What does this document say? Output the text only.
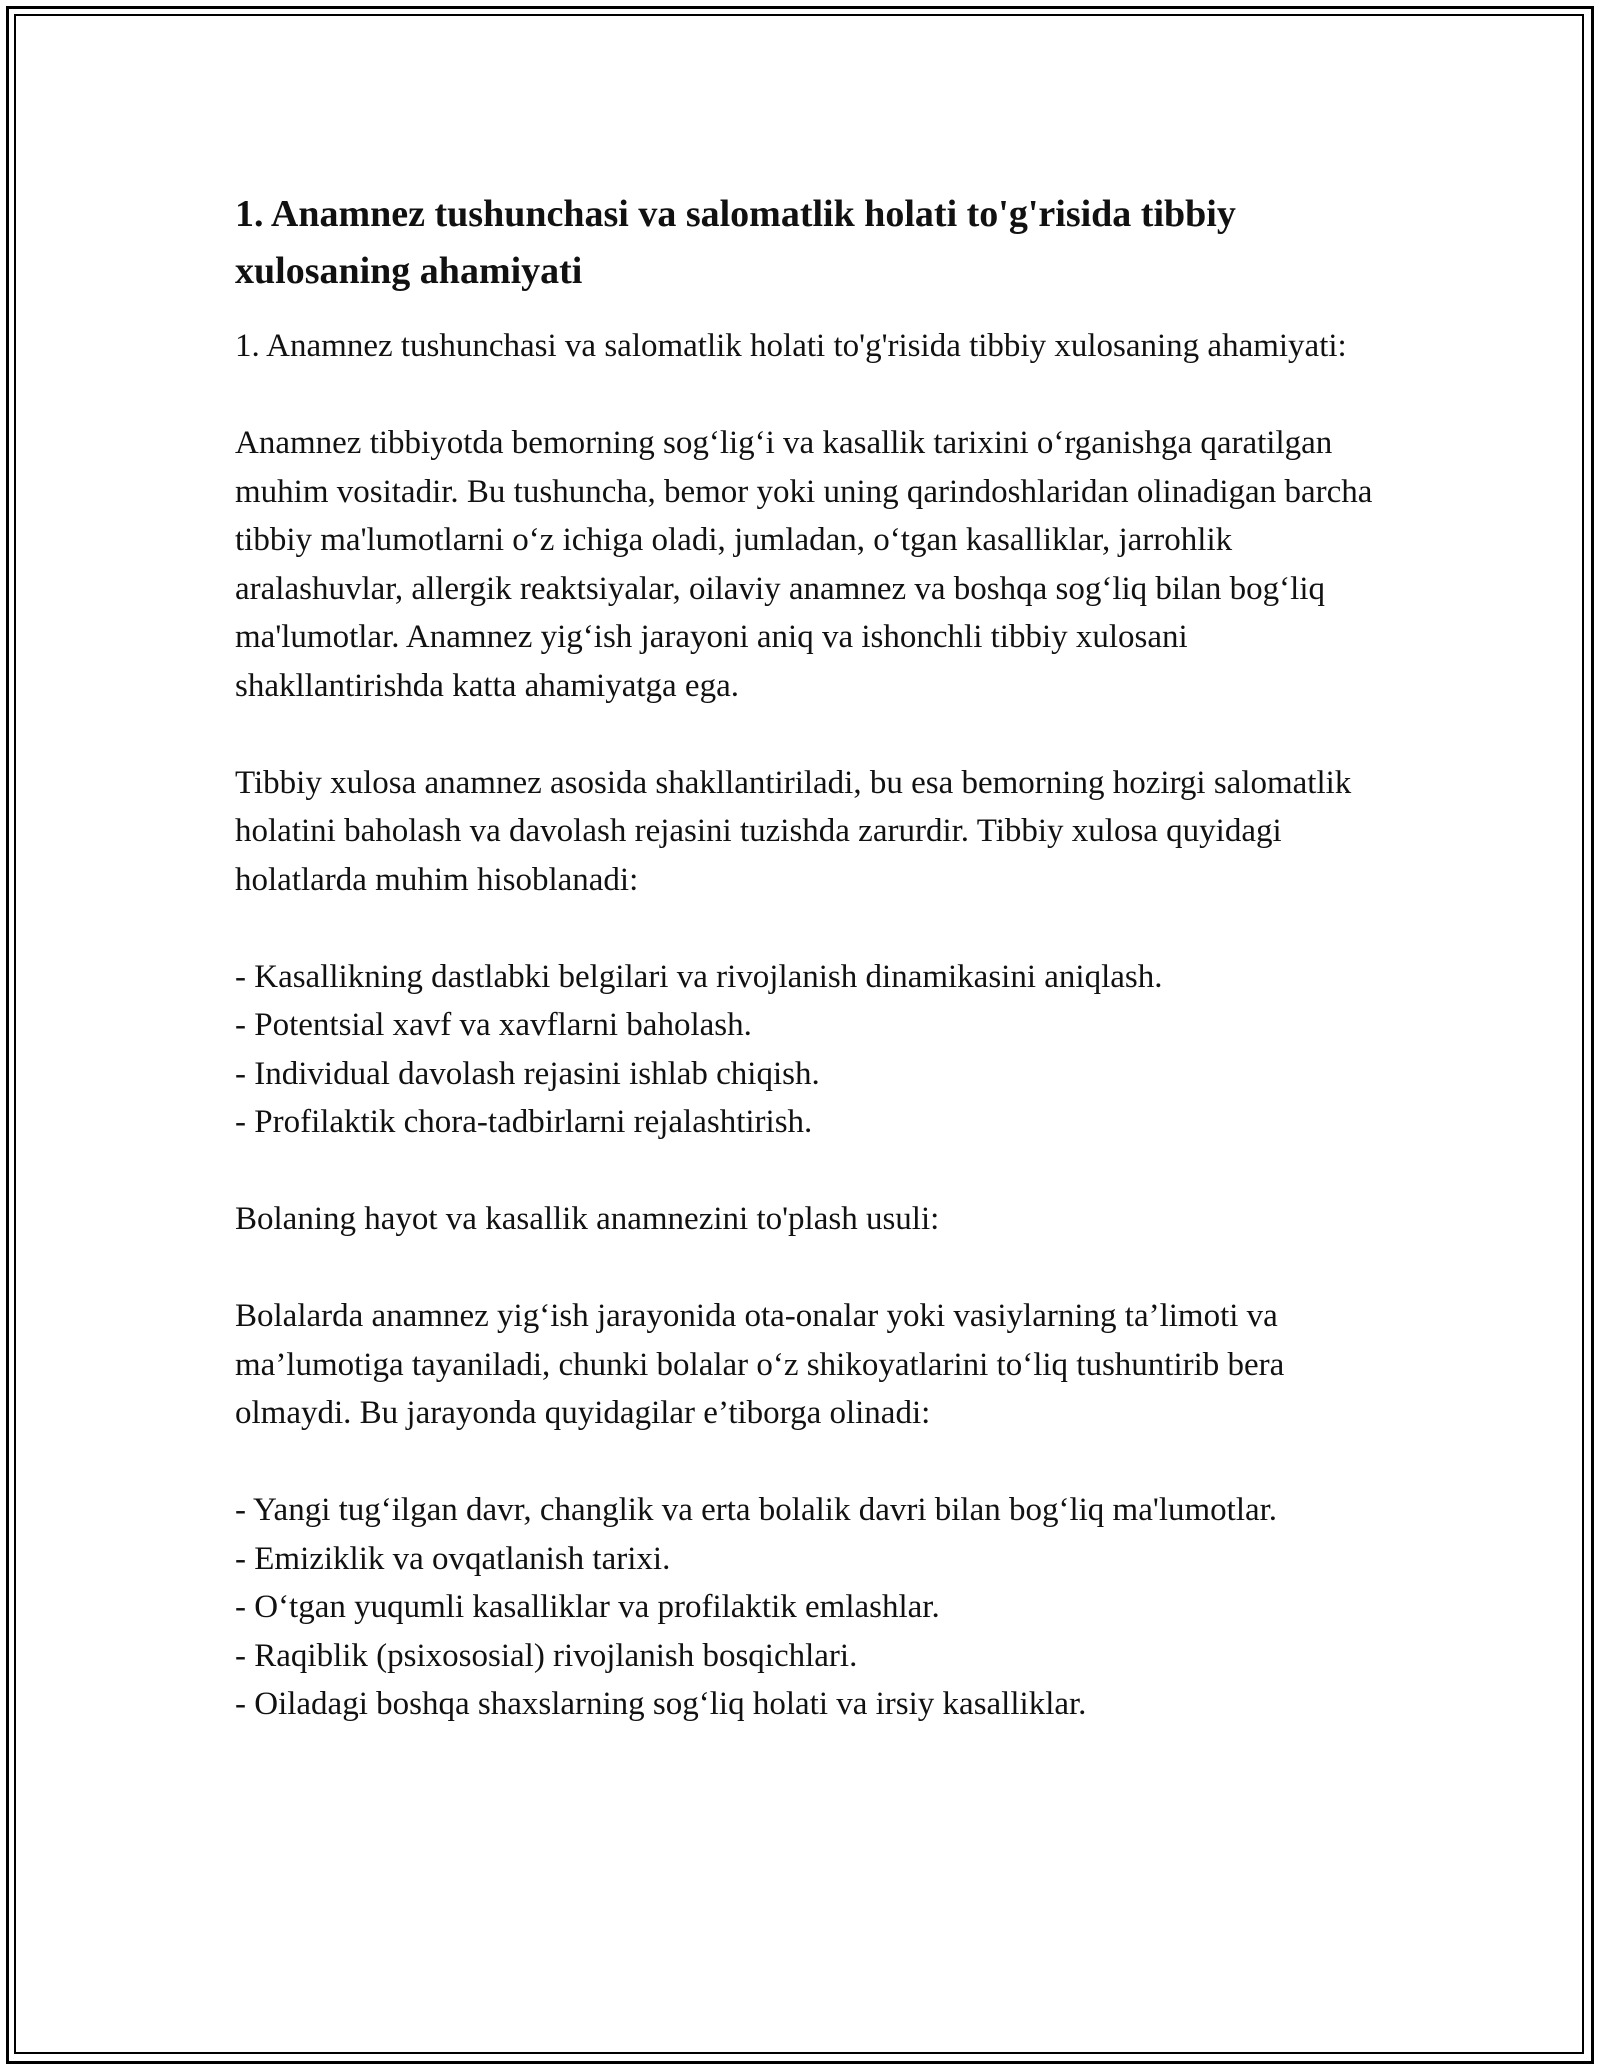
1. Anamnez tushunchasi va salomatlik holati to'g'risida tibbiy xulosaning ahamiyati

1. Anamnez tushunchasi va salomatlik holati to'g'risida tibbiy xulosaning ahamiyati:

Anamnez tibbiyotda bemorning sog‘lig‘i va kasallik tarixini o‘rganishga qaratilgan muhim vositadir. Bu tushuncha, bemor yoki uning qarindoshlaridan olinadigan barcha tibbiy ma'lumotlarni o‘z ichiga oladi, jumladan, o‘tgan kasalliklar, jarrohlik aralashuvlar, allergik reaktsiyalar, oilaviy anamnez va boshqa sog‘liq bilan bog‘liq ma'lumotlar. Anamnez yig‘ish jarayoni aniq va ishonchli tibbiy xulosani shakllantirishda katta ahamiyatga ega.

Tibbiy xulosa anamnez asosida shakllantiriladi, bu esa bemorning hozirgi salomatlik holatini baholash va davolash rejasini tuzishda zarurdir. Tibbiy xulosa quyidagi holatlarda muhim hisoblanadi:

- Kasallikning dastlabki belgilari va rivojlanish dinamikasini aniqlash.
- Potentsial xavf va xavflarni baholash.
- Individual davolash rejasini ishlab chiqish.
- Profilaktik chora-tadbirlarni rejalashtirish.

Bolaning hayot va kasallik anamnezini to'plash usuli:

Bolalarda anamnez yig‘ish jarayonida ota-onalar yoki vasiylarning ta’limoti va ma’lumotiga tayaniladi, chunki bolalar o‘z shikoyatlarini to‘liq tushuntirib bera olmaydi. Bu jarayonda quyidagilar e’tiborga olinadi:

- Yangi tug‘ilgan davr, changlik va erta bolalik davri bilan bog‘liq ma'lumotlar.
- Emiziklik va ovqatlanish tarixi.
- O‘tgan yuqumli kasalliklar va profilaktik emlashlar.
- Raqiblik (psixososial) rivojlanish bosqichlari.
- Oiladagi boshqa shaxslarning sog‘liq holati va irsiy kasalliklar.
